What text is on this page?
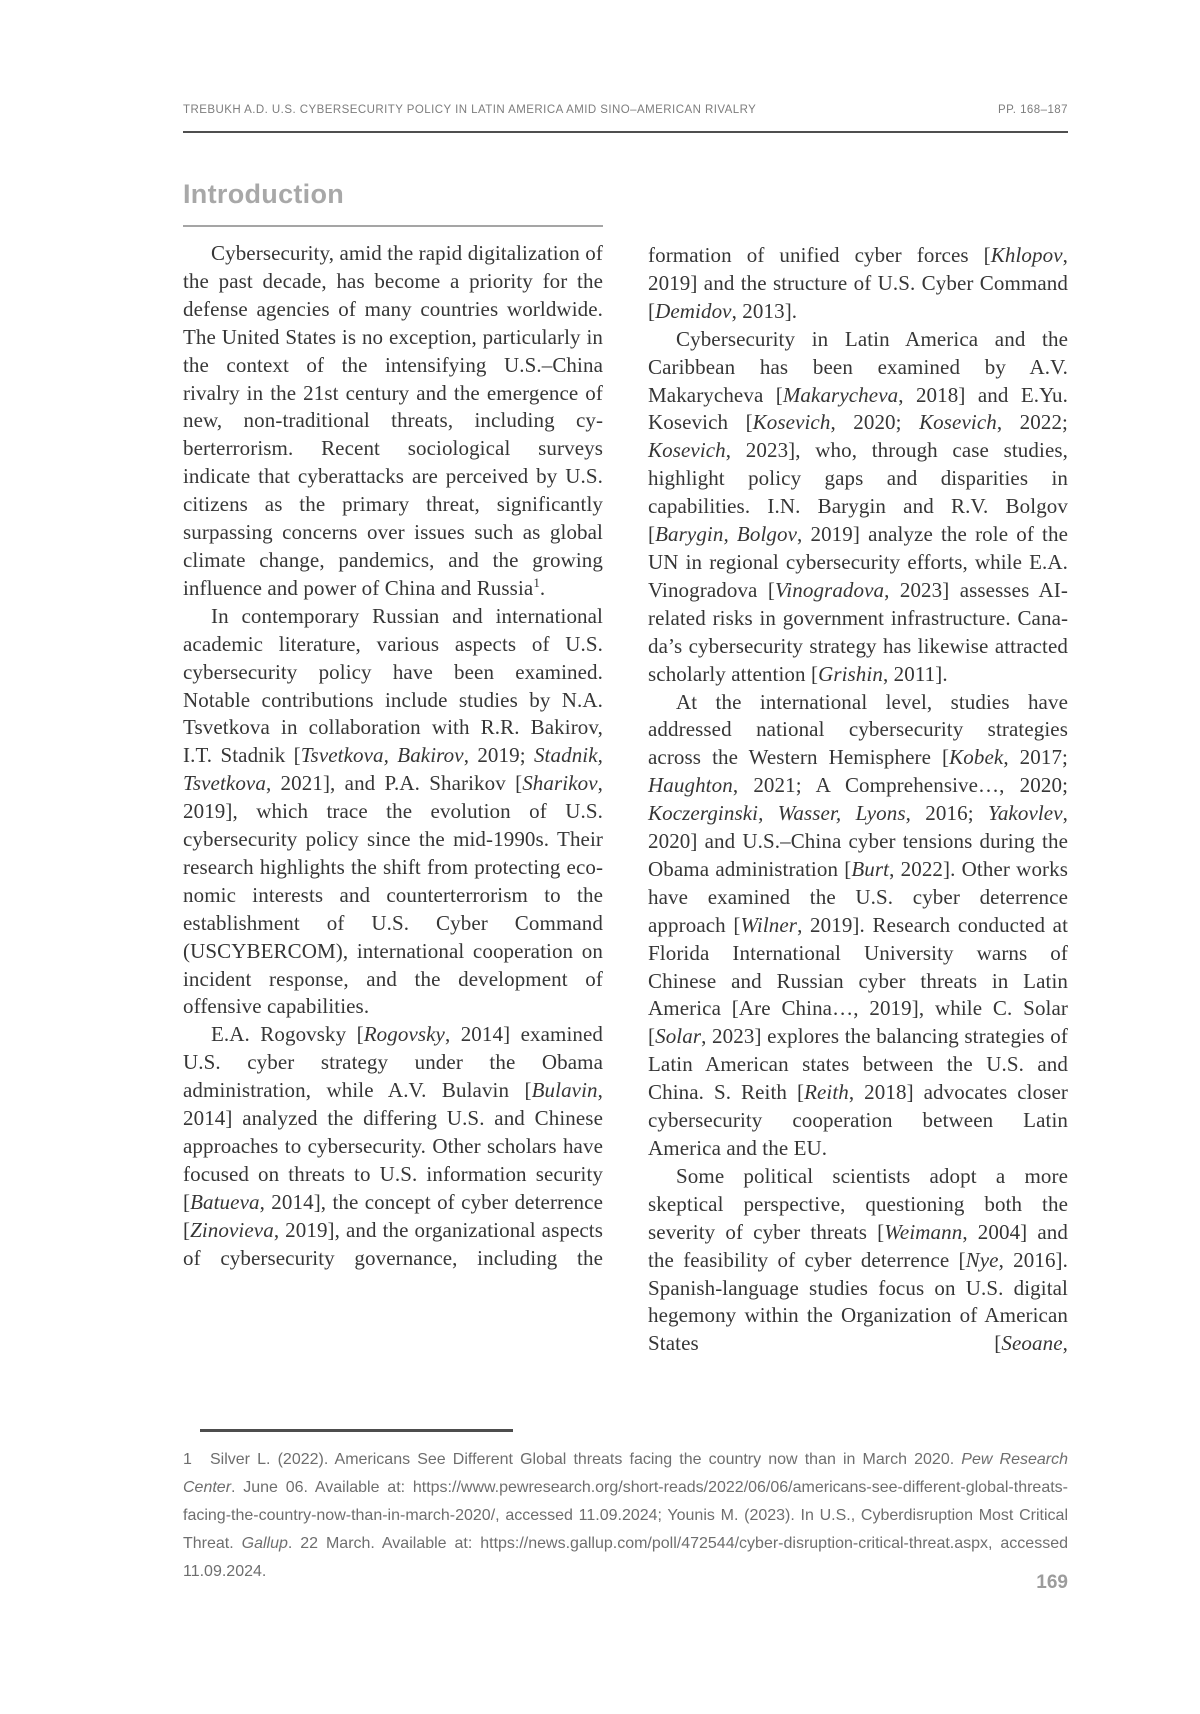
TREBUKH A.D. U.S. CYBERSECURITY POLICY IN LATIN AMERICA AMID SINO–AMERICAN RIVALRY	PP. 168–187
Introduction

Cybersecurity, amid the rapid digitalization of the past decade, has become a priority for the defense agencies of many countries worldwide. The United States is no exception, particularly in the context of the intensifying U.S.–China rivalry in the 21st century and the emergence of new, non-traditional threats, including cyberterrorism. Recent sociological surveys indicate that cyberattacks are perceived by U.S. citizens as the primary threat, significantly surpassing concerns over issues such as global climate change, pandemics, and the growing influence and power of China and Russia$^1$.

In contemporary Russian and international academic literature, various aspects of U.S. cybersecurity policy have been examined. Notable contributions include studies by N.A. Tsvetkova in collaboration with R.R. Bakirov, I.T. Stadnik [Tsvetkova, Bakirov, 2019; Stadnik, Tsvetkova, 2021], and P.A. Sharikov [Sharikov, 2019], which trace the evolution of U.S. cybersecurity policy since the mid-1990s. Their research highlights the shift from protecting economic interests and counterterrorism to the establishment of U.S. Cyber Command (USCYBERCOM), international cooperation on incident response, and the development of offensive capabilities.

E.A. Rogovsky [Rogovsky, 2014] examined U.S. cyber strategy under the Obama administration, while A.V. Bulavin [Bulavin, 2014] analyzed the differing U.S. and Chinese approaches to cybersecurity. Other scholars have focused on threats to U.S. information security [Batueva, 2014], the concept of cyber deterrence [Zinovieva, 2019], and the organizational aspects of cybersecurity governance, including the

formation of unified cyber forces [Khlopov, 2019] and the structure of U.S. Cyber Command [Demidov, 2013].

Cybersecurity in Latin America and the Caribbean has been examined by A.V. Makarycheva [Makarycheva, 2018] and E.Yu. Kosevich [Kosevich, 2020; Kosevich, 2022; Kosevich, 2023], who, through case studies, highlight policy gaps and disparities in capabilities. I.N. Barygin and R.V. Bolgov [Barygin, Bolgov, 2019] analyze the role of the UN in regional cybersecurity efforts, while E.A. Vinogradova [Vinogradova, 2023] assesses AI-related risks in government infrastructure. Canada’s cybersecurity strategy has likewise attracted scholarly attention [Grishin, 2011].

At the international level, studies have addressed national cybersecurity strategies across the Western Hemisphere [Kobek, 2017; Haughton, 2021; A Comprehensive…, 2020; Koczerginski, Wasser, Lyons, 2016; Yakovlev, 2020] and U.S.–China cyber tensions during the Obama administration [Burt, 2022]. Other works have examined the U.S. cyber deterrence approach [Wilner, 2019]. Research conducted at Florida International University warns of Chinese and Russian cyber threats in Latin America [Are China…, 2019], while C. Solar [Solar, 2023] explores the balancing strategies of Latin American states between the U.S. and China. S. Reith [Reith, 2018] advocates closer cybersecurity cooperation between Latin America and the EU.

Some political scientists adopt a more skeptical perspective, questioning both the severity of cyber threats [Weimann, 2004] and the feasibility of cyber deterrence [Nye, 2016]. Spanish-language studies focus on U.S. digital hegemony within the Organization of American States [Seoane,

1 Silver L. (2022). Americans See Different Global threats facing the country now than in March 2020. Pew Research Center. June 06. Available at: https://www.pewresearch.org/short-reads/2022/06/06/americans-see-different-global-threats-facing-the-country-now-than-in-march-2020/, accessed 11.09.2024; Younis M. (2023). In U.S., Cyberdisruption Most Critical Threat. Gallup. 22 March. Available at: https://news.gallup.com/poll/472544/cyber-disruption-critical-threat.aspx, accessed 11.09.2024.
169
